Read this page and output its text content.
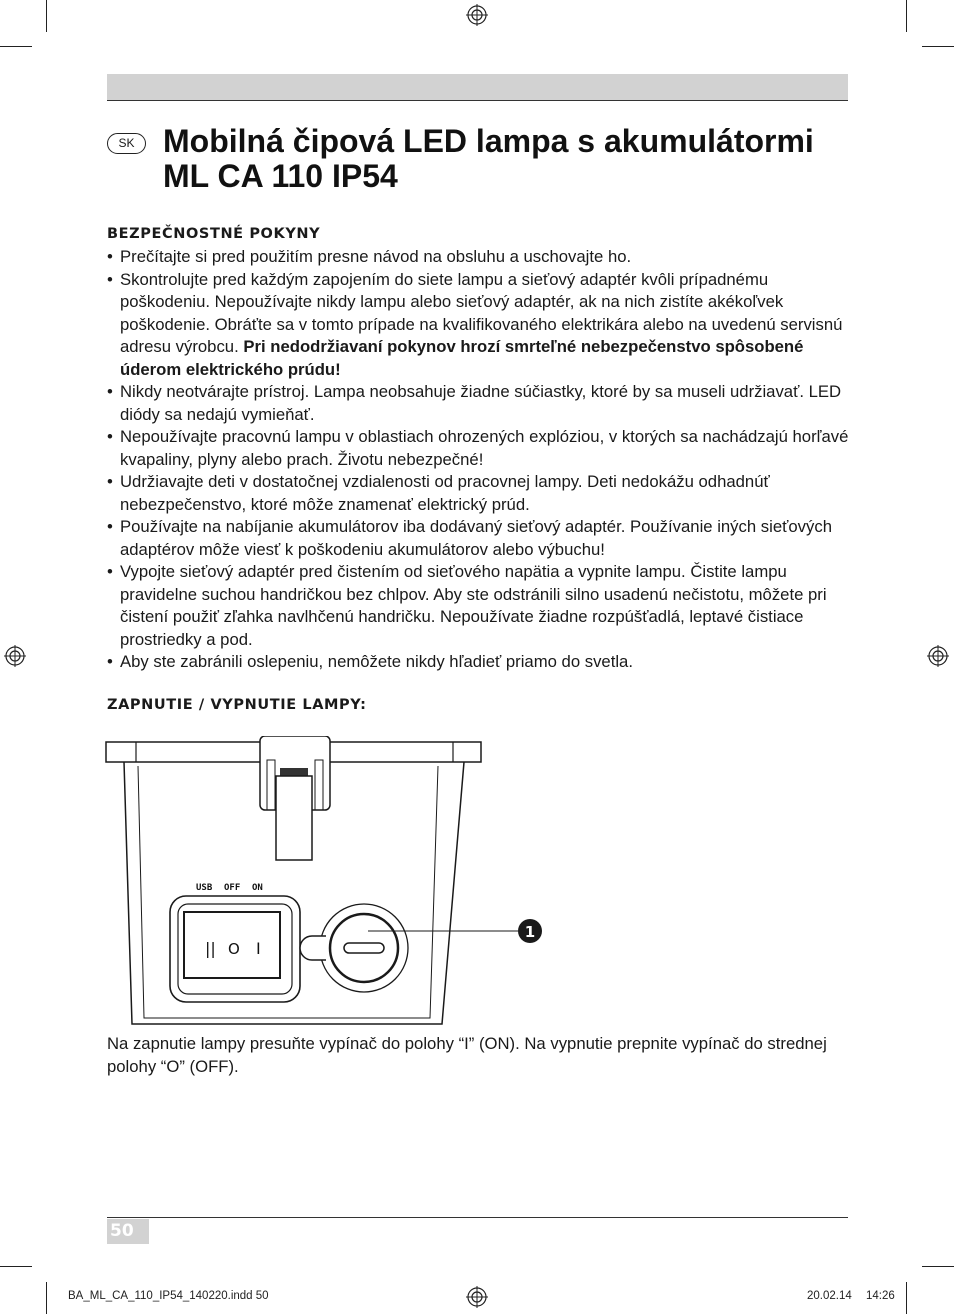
SK Mobilná čipová LED lampa s akumulátormi ML CA 110 IP54
BEZPEČNOSTNÉ POKYNY
• Prečítajte si pred použitím presne návod na obsluhu a uschovajte ho.
• Skontrolujte pred každým zapojením do siete lampu a sieťový adaptér kvôli prípadnému poškodeniu. Nepoužívajte nikdy lampu alebo sieťový adaptér, ak na nich zistíte akékoľvek poškodenie. Obráťte sa v tomto prípade na kvalifikovaného elektrikára alebo na uvedenú servisnú adresu výrobcu. Pri nedodržiavaní pokynov hrozí smrteľné nebezpečenstvo spôsobené úderom elektrického prúdu!
• Nikdy neotvárajte prístroj. Lampa neobsahuje žiadne súčiastky, ktoré by sa museli udržiavať. LED diódy sa nedajú vymieňať.
• Nepoužívajte pracovnú lampu v oblastiach ohrozených explóziou, v ktorých sa nachádzajú horľavé kvapaliny, plyny alebo prach. Životu nebezpečné!
• Udržiavajte deti v dostatočnej vzdialenosti od pracovnej lampy. Deti nedokážu odhadnúť nebezpečenstvo, ktoré môže znamenať elektrický prúd.
• Používajte na nabíjanie akumulátorov iba dodávaný sieťový adaptér. Používanie iných sieťových adaptérov môže viesť k poškodeniu akumulátorov alebo výbuchu!
• Vypojte sieťový adaptér pred čistením od sieťového napätia a vypnite lampu. Čistite lampu pravidelne suchou handričkou bez chlpov. Aby ste odstránili silno usadenú nečistotu, môžete pri čistení použiť zľahka navlhčenú handričku. Nepoužívate žiadne rozpúšťadlá, leptavé čistiace prostriedky a pod.
• Aby ste zabránili oslepeniu, nemôžete nikdy hľadieť priamo do svetla.
ZAPNUTIE / VYPNUTIE LAMPY:
USB OFF ON
|| O I
1

Na zapnutie lampy presuňte vypínač do polohy “I” (ON). Na vypnutie prepnite vypínač do strednej polohy “O” (OFF).

50
BA_ML_CA_110_IP54_140220.indd 50	20.02.14 14:26
